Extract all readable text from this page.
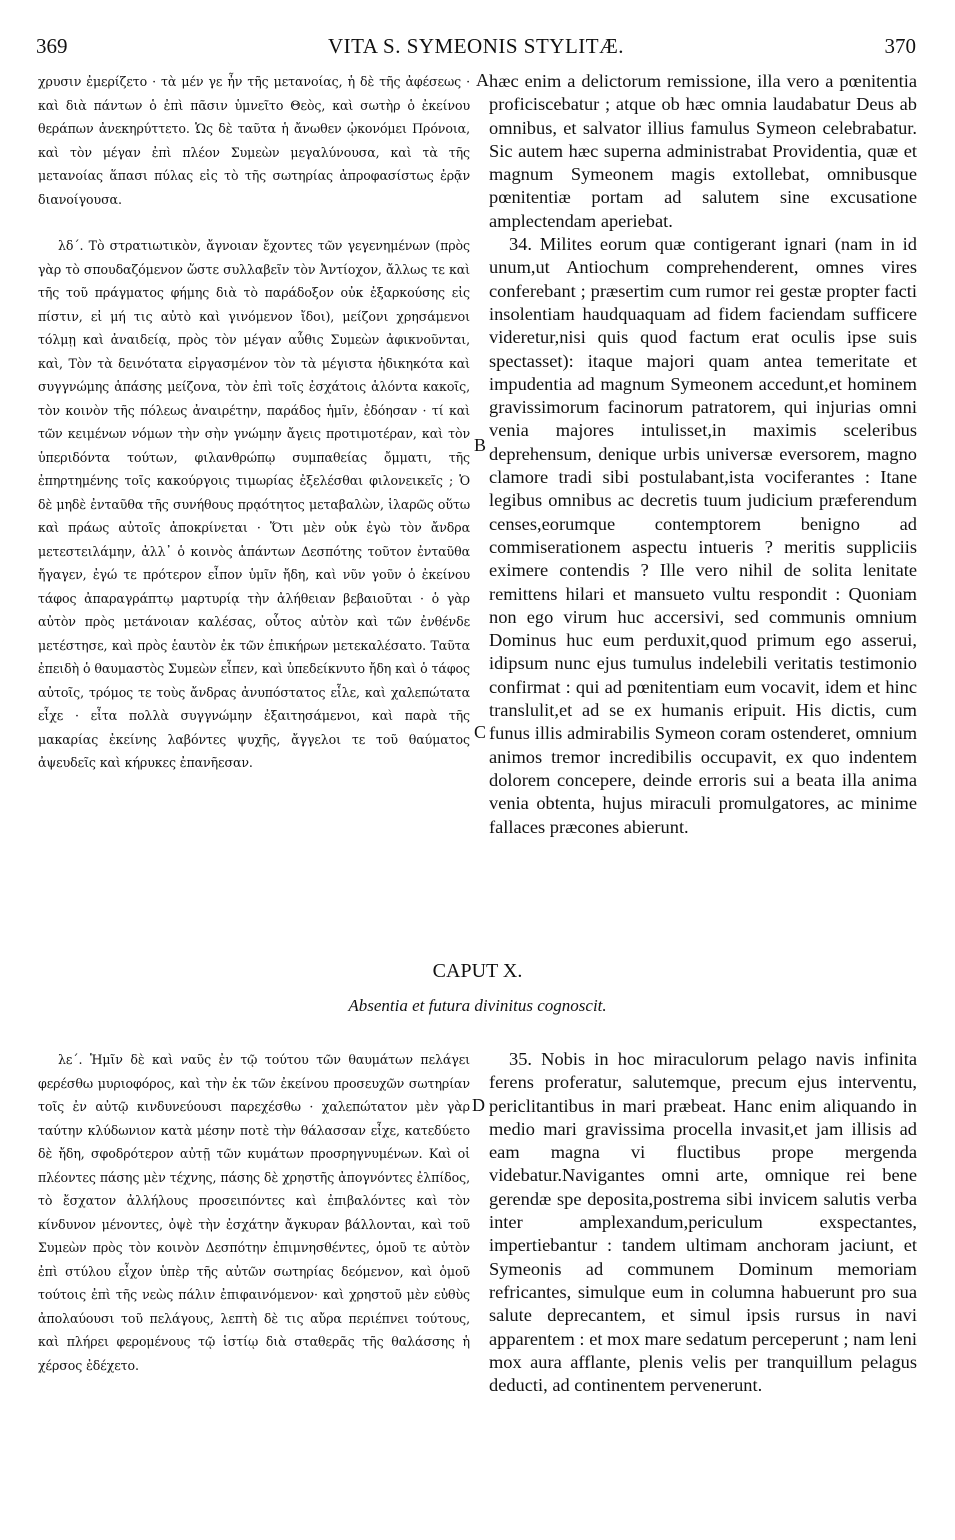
369	VITA S. SYMEONIS STYLITÆ.	370
A
B
C
D

χρυσιν ἐμερίζετο · τὰ μέν γε ἦν τῆς μετανοίας, ἡ δὲ τῆς ἀφέσεως · καὶ διὰ πάντων ὁ ἐπὶ πᾶσιν ὑμνεῖτο Θεὸς, καὶ σωτὴρ ὁ ἐκείνου θεράπων ἀνεκηρύττετο. Ὡς δὲ ταῦτα ἡ ἄνωθεν ᾠκονόμει Πρόνοια, καὶ τὸν μέγαν ἐπὶ πλέον Συμεὼν μεγαλύνουσα, καὶ τὰ τῆς μετανοίας ἅπασι πύλας εἰς τὸ τῆς σωτηρίας ἀπροφασίστως ἐρᾷν διανοίγουσα.

λδ΄. Τὸ στρατιωτικὸν, ἄγνοιαν ἔχοντες τῶν γεγενημένων (πρὸς γὰρ τὸ σπουδαζόμενον ὥστε συλλαβεῖν τὸν Ἀντίοχον, ἄλλως τε καὶ τῆς τοῦ πράγματος φήμης διὰ τὸ παράδοξον οὐκ ἐξαρκούσης εἰς πίστιν, εἰ μή τις αὐτὸ καὶ γινόμενον ἴδοι), μείζονι χρησάμενοι τόλμῃ καὶ ἀναιδείᾳ, πρὸς τὸν μέγαν αὖθις Συμεὼν ἀφικνοῦνται, καὶ, Τὸν τὰ δεινότατα εἰργασμένον τὸν τὰ μέγιστα ἠδικηκότα καὶ συγγνώμης ἁπάσης μείζονα, τὸν ἐπὶ τοῖς ἐσχάτοις ἁλόντα κακοῖς, τὸν κοινὸν τῆς πόλεως ἀναιρέτην, παράδος ἡμῖν, ἐδόησαν · τί καὶ τῶν κειμένων νόμων τὴν σὴν γνώμην ἄγεις προτιμοτέραν, καὶ τὸν ὑπεριδόντα τούτων, φιλανθρώπῳ συμπαθείας ὄμματι, τῆς ἐπηρτημένης τοῖς κακούργοις τιμωρίας ἐξελέσθαι φιλονεικεῖς ; Ὁ δὲ μηδὲ ἐνταῦθα τῆς συνήθους πρᾳότητος μεταβαλὼν, ἱλαρῶς οὕτω καὶ πράως αὐτοῖς ἀποκρίνεται · Ὅτι μὲν οὐκ ἐγὼ τὸν ἄνδρα μετεστειλάμην, ἀλλ᾽ ὁ κοινὸς ἁπάντων Δεσπότης τοῦτον ἐνταῦθα ἤγαγεν, ἐγώ τε πρότερον εἶπον ὑμῖν ἤδη, καὶ νῦν γοῦν ὁ ἐκείνου τάφος ἀπαραγράπτῳ μαρτυρίᾳ τὴν ἀλήθειαν βεβαιοῦται · ὁ γὰρ αὐτὸν πρὸς μετάνοιαν καλέσας, οὗτος αὐτὸν καὶ τῶν ἐνθένδε μετέστησε, καὶ πρὸς ἑαυτὸν ἐκ τῶν ἐπικήρων μετεκαλέσατο. Ταῦτα ἐπειδὴ ὁ θαυμαστὸς Συμεὼν εἶπεν, καὶ ὑπεδείκνυτο ἤδη καὶ ὁ τάφος αὐτοῖς, τρόμος τε τοὺς ἄνδρας ἀνυπόστατος εἷλε, καὶ χαλεπώτατα εἶχε · εἶτα πολλὰ συγγνώμην ἐξαιτησάμενοι, καὶ παρὰ τῆς μακαρίας ἐκείνης λαβόντες ψυχῆς, ἄγγελοι τε τοῦ θαύματος ἀψευδεῖς καὶ κήρυκες ἐπανῆεσαν.

hæc enim a delictorum remissione, illa vero a pœnitentia proficiscebatur ; atque ob hæc omnia laudabatur Deus ab omnibus, et salvator illius famulus Symeon celebrabatur. Sic autem hæc superna administrabat Providentia, quæ et magnum Symeonem magis extollebat, omnibusque pœnitentiæ portam ad salutem sine excusatione amplectendam aperiebat.

34. Milites eorum quæ contigerant ignari (nam in id unum,ut Antiochum comprehenderent, omnes vires conferebant ; præsertim cum rumor rei gestæ propter facti insolentiam haudquaquam ad fidem faciendam sufficere videretur,nisi quis quod factum erat oculis ipse suis spectasset): itaque majori quam antea temeritate et impudentia ad magnum Symeonem accedunt,et hominem gravissimorum facinorum patratorem, qui injurias omni venia majores intulisset,in maximis sceleribus deprehensum, denique urbis universæ eversorem, magno clamore tradi sibi postulabant,ista vociferantes : Itane legibus omnibus ac decretis tuum judicium præferendum censes,eorumque contemptorem benigno ad commiserationem aspectu intueris ? meritis suppliciis eximere contendis ? Ille vero nihil de solita lenitate remittens hilari et mansueto vultu respondit : Quoniam non ego virum huc accersivi, sed communis omnium Dominus huc eum perduxit,quod primum ego asserui, idipsum nunc ejus tumulus indelebili veritatis testimonio confirmat : qui ad pœnitentiam eum vocavit, idem et hinc translulit,et ad se ex humanis eripuit. His dictis, cum funus illis admirabilis Symeon coram ostenderet, omnium animos tremor incredibilis occupavit, ex quo indentem dolorem concepere, deinde erroris sui a beata illa anima venia obtenta, hujus miraculi promulgatores, ac minime fallaces præcones abierunt.

CAPUT X.
Absentia et futura divinitus cognoscit.

λε΄. Ἡμῖν δὲ καὶ ναῦς ἐν τῷ τούτου τῶν θαυμάτων πελάγει φερέσθω μυριοφόρος, καὶ τὴν ἐκ τῶν ἐκείνου προσευχῶν σωτηρίαν τοῖς ἐν αὐτῷ κινδυνεύουσι παρεχέσθω · χαλεπώτατον μὲν γὰρ ταύτην κλύδωνιον κατὰ μέσην ποτὲ τὴν θάλασσαν εἶχε, κατεδύετο δὲ ἤδη, σφοδρότερον αὐτῇ τῶν κυμάτων προσρηγνυμένων. Καὶ οἱ πλέοντες πάσης μὲν τέχνης, πάσης δὲ χρηστῆς ἀπογνόντες ἐλπίδος, τὸ ἔσχατον ἀλλήλους προσειπόντες καὶ ἐπιβαλόντες καὶ τὸν κίνδυνον μένοντες, ὀψὲ τὴν ἐσχάτην ἄγκυραν βάλλονται, καὶ τοῦ Συμεὼν πρὸς τὸν κοινὸν Δεσπότην ἐπιμνησθέντες, ὁμοῦ τε αὐτὸν ἐπὶ στύλου εἶχον ὑπὲρ τῆς αὐτῶν σωτηρίας δεόμενον, καὶ ὁμοῦ τούτοις ἐπὶ τῆς νεὼς πάλιν ἐπιφαινόμενον· καὶ χρηστοῦ μὲν εὐθὺς ἀπολαύουσι τοῦ πελάγους, λεπτὴ δὲ τις αὔρα περιέπνει τούτους, καὶ πλήρει φερομένους τῷ ἱστίῳ διὰ σταθερᾶς τῆς θαλάσσης ἡ χέρσος ἐδέχετο.

35. Nobis in hoc miraculorum pelago navis infinita ferens proferatur, salutemque, precum ejus interventu, periclitantibus in mari præbeat. Hanc enim aliquando in medio mari gravissima procella invasit,et jam illisis ad eam magna vi fluctibus prope mergenda videbatur.Navigantes omni arte, omnique rei bene gerendæ spe deposita,postrema sibi invicem salutis verba inter amplexandum,periculum exspectantes, impertiebantur : tandem ultimam anchoram jaciunt, et Symeonis ad communem Dominum memoriam refricantes, simulque eum in columna habuerunt pro sua salute deprecantem, et simul ipsis rursus in navi apparentem : et mox mare sedatum perceperunt ; nam leni mox aura afflante, plenis velis per tranquillum pelagus deducti, ad continentem pervenerunt.
